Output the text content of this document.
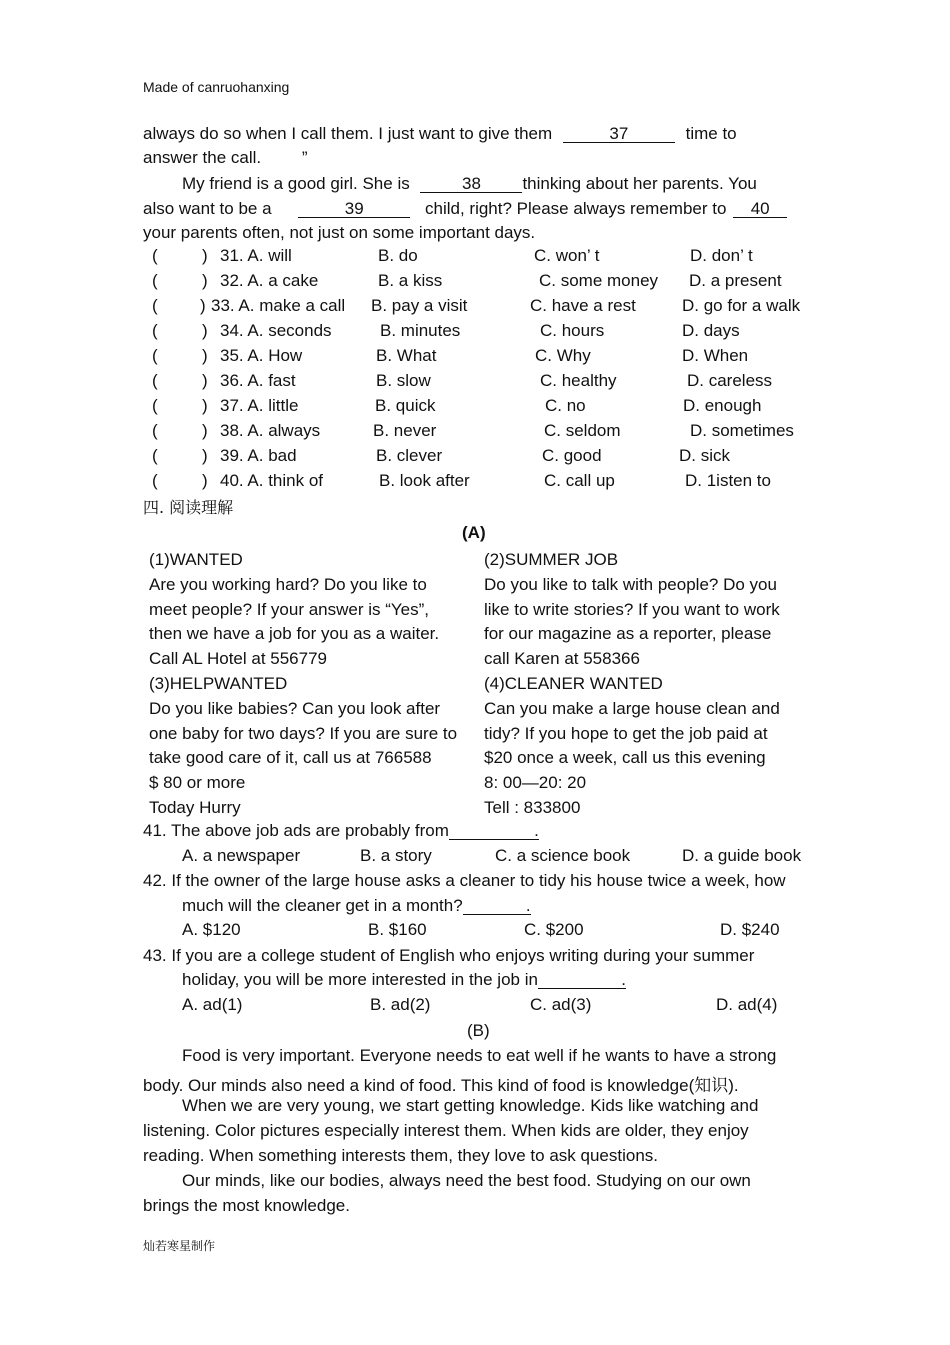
Made of canruohanxing
always do so when I call them. I just want to give them	37	time to
answer the call. ”
My friend is a good girl. She is	38 thinking about her parents. You
also want to be a	39	child, right? Please always remember to 40
your parents often, not just on some important days.
(	) 31. A. will	B. do	C. won’ t	D. don’ t
(	) 32. A. a cake	B. a kiss	C. some money D. a present
( ) 33. A. make a call B. pay a visit	C. have a rest	D. go for a walk
(	) 34. A. seconds	B. minutes	C. hours	D. days
(	) 35. A. How	B. What	C. Why	D. When
(	) 36. A. fast	B. slow	C. healthy	D. careless
(	) 37. A. little	B. quick	C. no	D. enough
(	) 38. A. always	B. never	C. seldom	D. sometimes
(	) 39. A. bad	B. clever	C. good	D. sick
(	) 40. A. think of	B. look after	C. call up	D. 1isten to
四. 阅读理解
(A)
(1)WANTED
Are you working hard? Do you like to
meet people? If your answer is “Yes”,
then we have a job for you as a waiter.
Call AL Hotel at 556779
(2)SUMMER JOB
Do you like to talk with people? Do you
like to write stories? If you want to work
for our magazine as a reporter, please
call Karen at 558366
(3)HELPWANTED
Do you like babies? Can you look after
one baby for two days? If you are sure to
take good care of it, call us at 766588
$ 80 or more
Today Hurry
(4)CLEANER WANTED
Can you make a large house clean and
tidy? If you hope to get the job paid at
$20 once a week, call us this evening
8: 00—20: 20
Tell : 833800
41. The above job ads are probably from	.
A. a newspaper	B. a story	C. a science book	D. a guide book
42. If the owner of the large house asks a cleaner to tidy his house twice a week, how
much will the cleaner get in a month?	.
A. $120	B. $160	C. $200	D. $240
43. If you are a college student of English who enjoys writing during your summer
holiday, you will be more interested in the job in	.
A. ad(1)	B. ad(2)	C. ad(3)	D. ad(4)
(B)
Food is very important. Everyone needs to eat well if he wants to have a strong
body. Our minds also need a kind of food. This kind of food is knowledge(知识).
When we are very young, we start getting knowledge. Kids like watching and
listening. Color pictures especially interest them. When kids are older, they enjoy
reading. When something interests them, they love to ask questions.
Our minds, like our bodies, always need the best food. Studying on our own
brings the most knowledge.
灿若寒星制作
